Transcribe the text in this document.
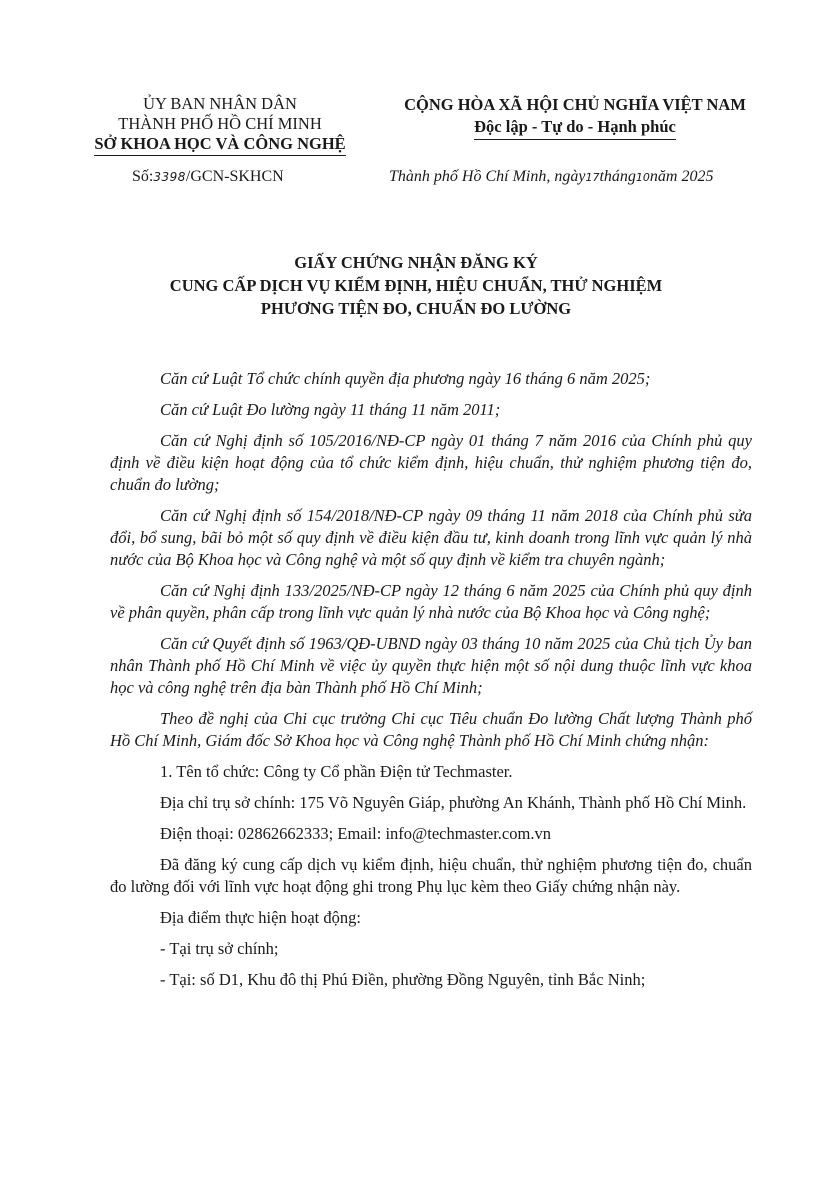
ỦY BAN NHÂN DÂN
THÀNH PHỐ HỒ CHÍ MINH
SỞ KHOA HỌC VÀ CÔNG NGHỆ
CỘNG HÒA XÃ HỘI CHỦ NGHĨA VIỆT NAM
Độc lập - Tự do - Hạnh phúc
Số:3398/GCN-SKHCN	Thành phố Hồ Chí Minh, ngày17tháng10năm 2025
GIẤY CHỨNG NHẬN ĐĂNG KÝ
CUNG CẤP DỊCH VỤ KIỂM ĐỊNH, HIỆU CHUẨN, THỬ NGHIỆM
PHƯƠNG TIỆN ĐO, CHUẨN ĐO LƯỜNG

Căn cứ Luật Tổ chức chính quyền địa phương ngày 16 tháng 6 năm 2025;

Căn cứ Luật Đo lường ngày 11 tháng 11 năm 2011;

Căn cứ Nghị định số 105/2016/NĐ-CP ngày 01 tháng 7 năm 2016 của Chính phủ quy định về điều kiện hoạt động của tổ chức kiểm định, hiệu chuẩn, thử nghiệm phương tiện đo, chuẩn đo lường;

Căn cứ Nghị định số 154/2018/NĐ-CP ngày 09 tháng 11 năm 2018 của Chính phủ sửa đổi, bổ sung, bãi bỏ một số quy định về điều kiện đầu tư, kinh doanh trong lĩnh vực quản lý nhà nước của Bộ Khoa học và Công nghệ và một số quy định về kiểm tra chuyên ngành;

Căn cứ Nghị định 133/2025/NĐ-CP ngày 12 tháng 6 năm 2025 của Chính phủ quy định về phân quyền, phân cấp trong lĩnh vực quản lý nhà nước của Bộ Khoa học và Công nghệ;

Căn cứ Quyết định số 1963/QĐ-UBND ngày 03 tháng 10 năm 2025 của Chủ tịch Ủy ban nhân Thành phố Hồ Chí Minh về việc ủy quyền thực hiện một số nội dung thuộc lĩnh vực khoa học và công nghệ trên địa bàn Thành phố Hồ Chí Minh;

Theo đề nghị của Chi cục trưởng Chi cục Tiêu chuẩn Đo lường Chất lượng Thành phố Hồ Chí Minh, Giám đốc Sở Khoa học và Công nghệ Thành phố Hồ Chí Minh chứng nhận:

1. Tên tổ chức: Công ty Cổ phần Điện tử Techmaster.

Địa chỉ trụ sở chính: 175 Võ Nguyên Giáp, phường An Khánh, Thành phố Hồ Chí Minh.

Điện thoại: 02862662333; Email: info@techmaster.com.vn

Đã đăng ký cung cấp dịch vụ kiểm định, hiệu chuẩn, thử nghiệm phương tiện đo, chuẩn đo lường đối với lĩnh vực hoạt động ghi trong Phụ lục kèm theo Giấy chứng nhận này.

Địa điểm thực hiện hoạt động:

- Tại trụ sở chính;

- Tại: số D1, Khu đô thị Phú Điền, phường Đồng Nguyên, tỉnh Bắc Ninh;
